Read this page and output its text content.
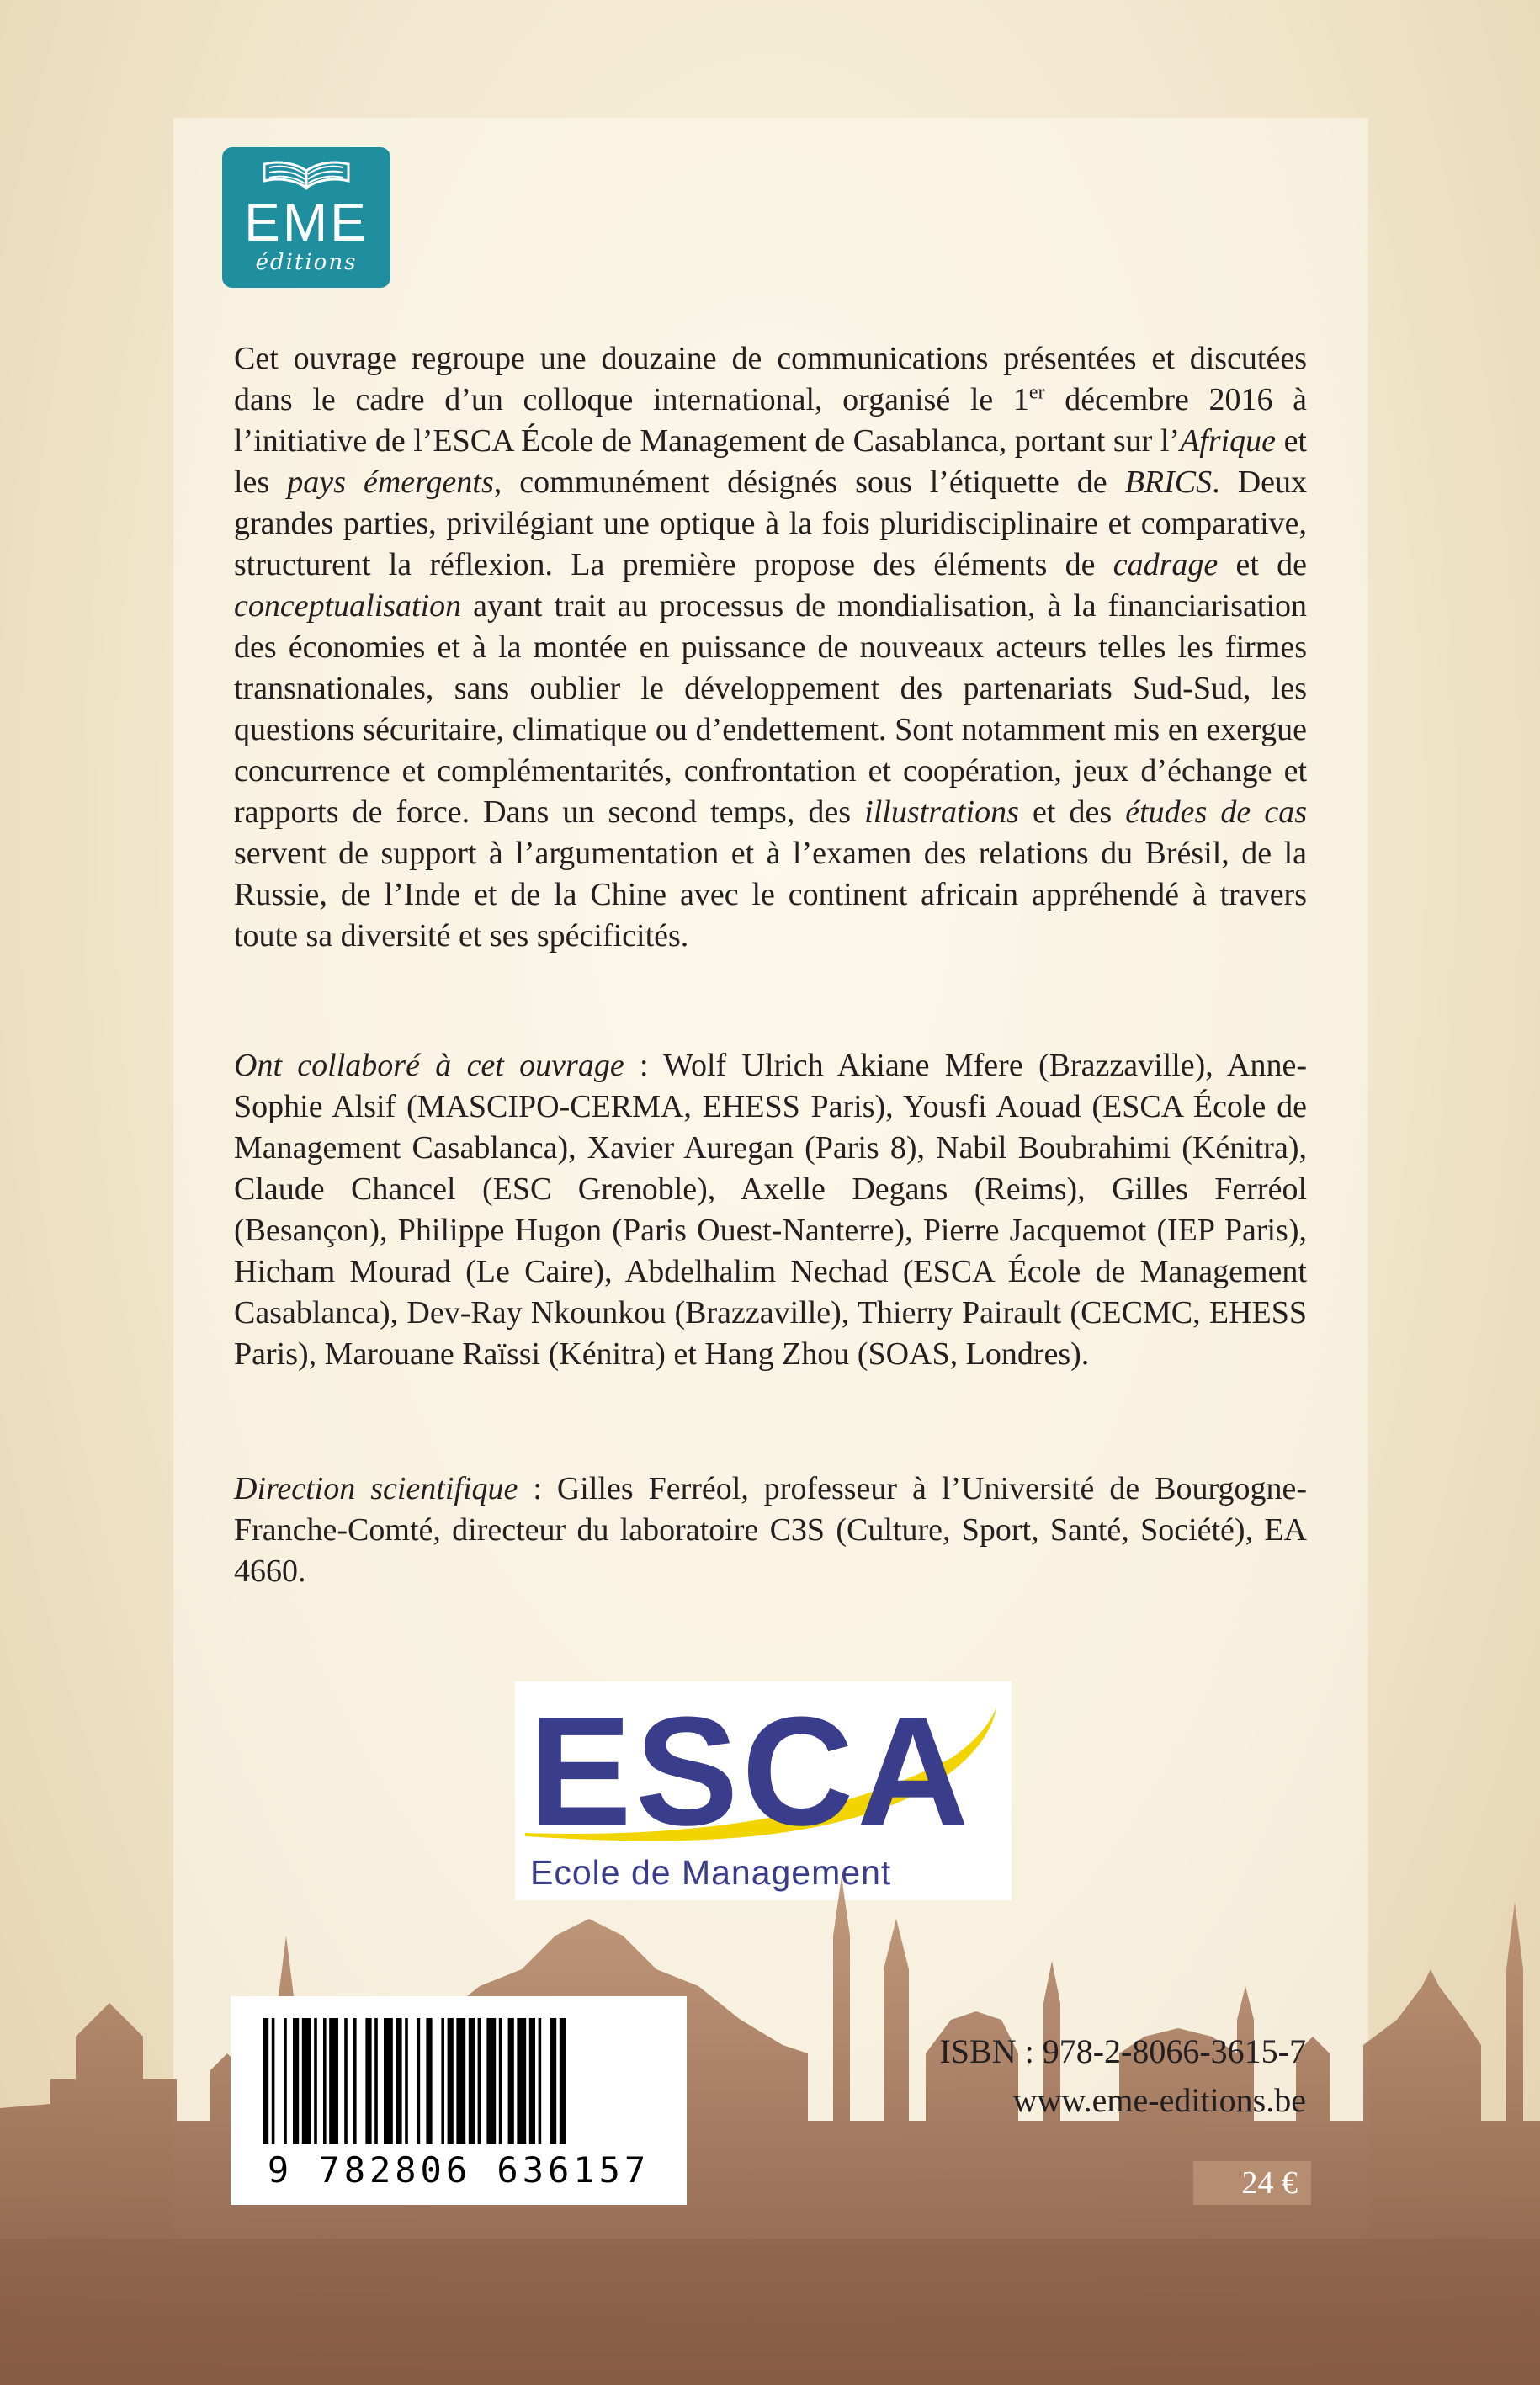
EME
éditions

Cet ouvrage regroupe une douzaine de communications présentées et discutées dans le cadre d’un colloque international, organisé le 1er décembre 2016 à l’initiative de l’ESCA École de Management de Casablanca, portant sur l’Afrique et les pays émergents, communément désignés sous l’étiquette de BRICS. Deux grandes parties, privilégiant une optique à la fois pluridisciplinaire et comparative, structurent la réflexion. La première propose des éléments de cadrage et de conceptualisation ayant trait au processus de mondialisation, à la financiarisation des économies et à la montée en puissance de nouveaux acteurs telles les firmes transnationales, sans oublier le développement des partenariats Sud-Sud, les questions sécuritaire, climatique ou d’endettement. Sont notamment mis en exergue concurrence et complémentarités, confrontation et coopération, jeux d’échange et rapports de force. Dans un second temps, des illustrations et des études de cas servent de support à l’argumentation et à l’examen des relations du Brésil, de la Russie, de l’Inde et de la Chine avec le continent africain appréhendé à travers toute sa diversité et ses spécificités.

Ont collaboré à cet ouvrage : Wolf Ulrich Akiane Mfere (Brazzaville), Anne-Sophie Alsif (MASCIPO-CERMA, EHESS Paris), Yousfi Aouad (ESCA École de Management Casablanca), Xavier Auregan (Paris 8), Nabil Boubrahimi (Kénitra), Claude Chancel (ESC Grenoble), Axelle Degans (Reims), Gilles Ferréol (Besançon), Philippe Hugon (Paris Ouest-Nanterre), Pierre Jacquemot (IEP Paris), Hicham Mourad (Le Caire), Abdelhalim Nechad (ESCA École de Management Casablanca), Dev-Ray Nkounkou (Brazzaville), Thierry Pairault (CECMC, EHESS Paris), Marouane Raïssi (Kénitra) et Hang Zhou (SOAS, Londres).

Direction scientifique : Gilles Ferréol, professeur à l’Université de Bourgogne-Franche-Comté, directeur du laboratoire C3S (Culture, Sport, Santé, Société), EA 4660.

ESCA
Ecole de Management
9 782806 636157
ISBN : 978-2-8066-3615-7
www.eme-editions.be
24 €
